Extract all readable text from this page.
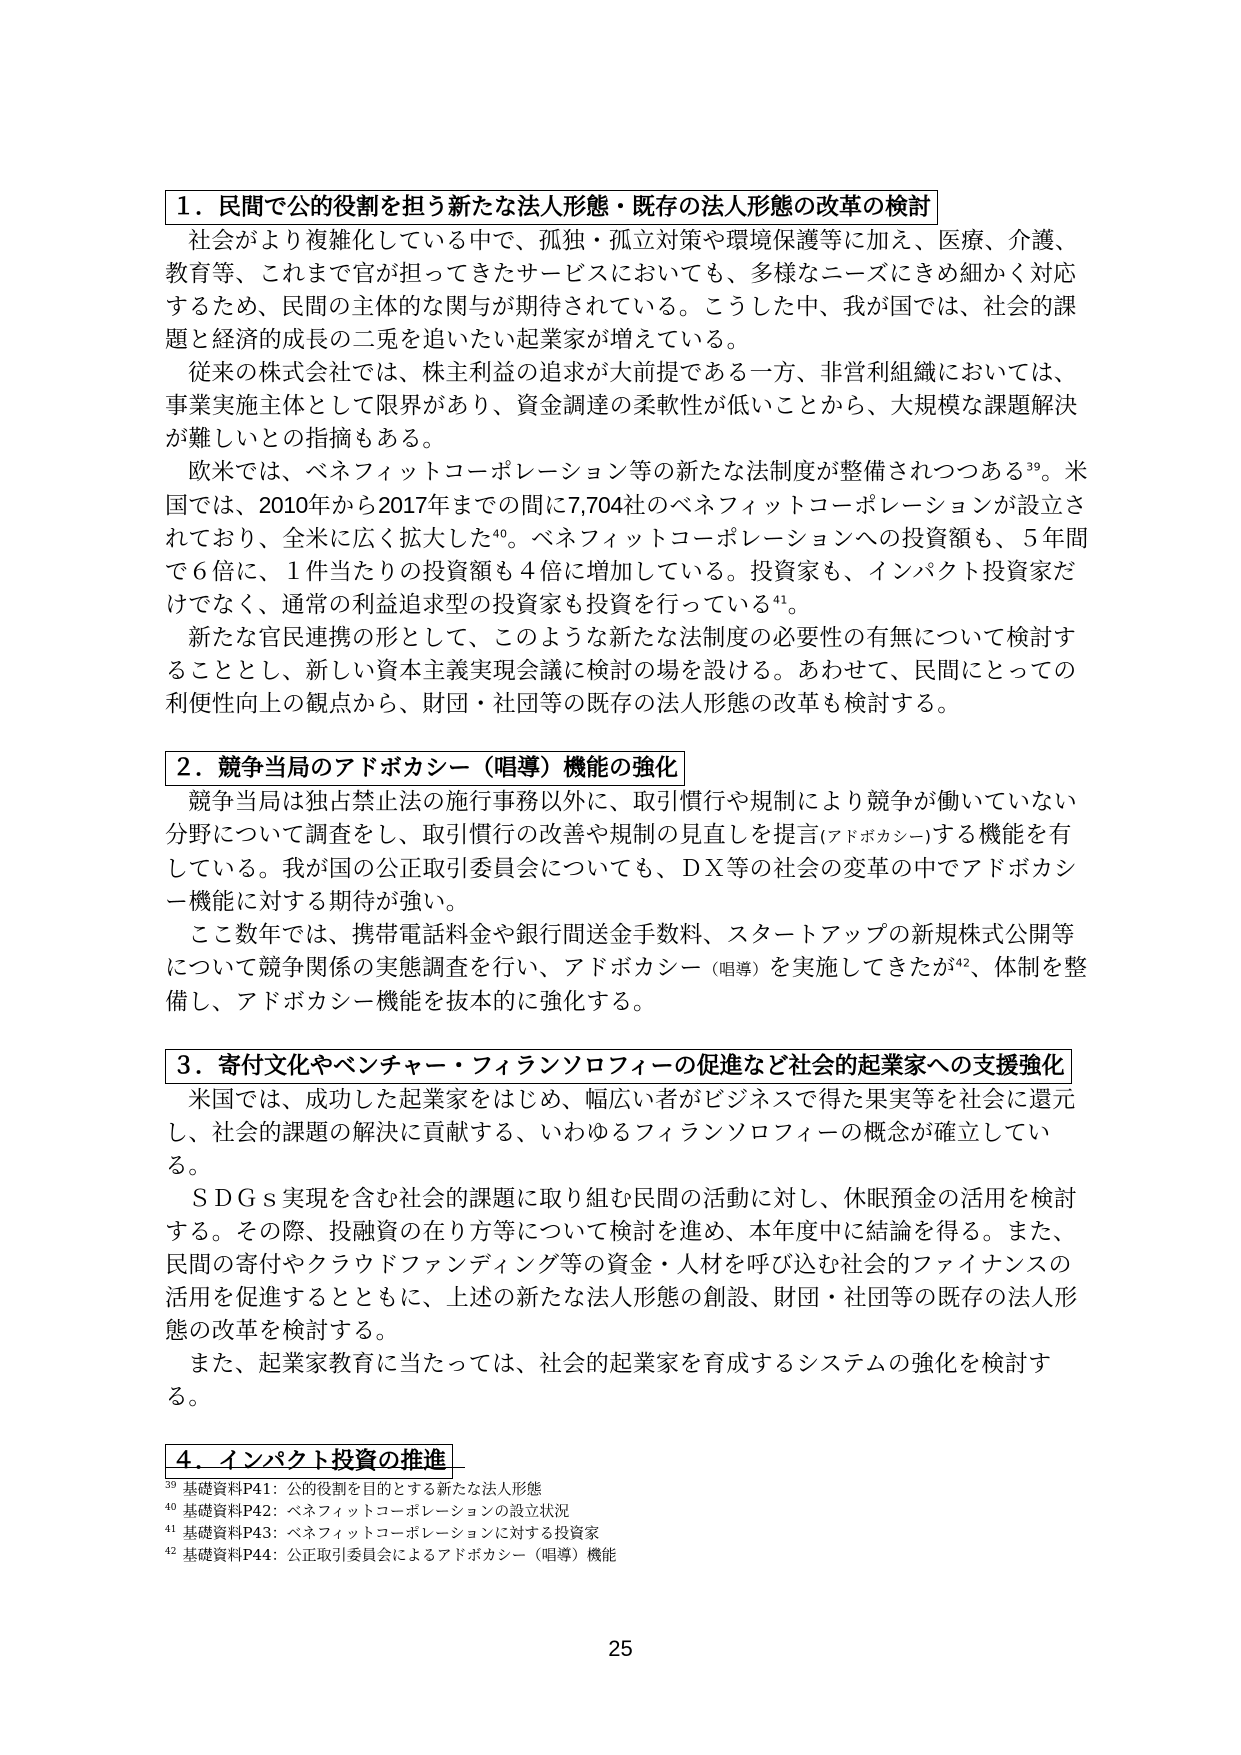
１．民間で公的役割を担う新たな法人形態・既存の法人形態の改革の検討

社会がより複雑化している中で、孤独・孤立対策や環境保護等に加え、医療、介護、教育等、これまで官が担ってきたサービスにおいても、多様なニーズにきめ細かく対応するため、民間の主体的な関与が期待されている。こうした中、我が国では、社会的課題と経済的成長の二兎を追いたい起業家が増えている。

従来の株式会社では、株主利益の追求が大前提である一方、非営利組織においては、事業実施主体として限界があり、資金調達の柔軟性が低いことから、大規模な課題解決が難しいとの指摘もある。

欧米では、ベネフィットコーポレーション等の新たな法制度が整備されつつある$^{39}$。米国では、2010年から2017年までの間に7,704社のベネフィットコーポレーションが設立されており、全米に広く拡大した$^{40}$。ベネフィットコーポレーションへの投資額も、５年間で６倍に、１件当たりの投資額も４倍に増加している。投資家も、インパクト投資家だけでなく、通常の利益追求型の投資家も投資を行っている$^{41}$。

新たな官民連携の形として、このような新たな法制度の必要性の有無について検討することとし、新しい資本主義実現会議に検討の場を設ける。あわせて、民間にとっての利便性向上の観点から、財団・社団等の既存の法人形態の改革も検討する。

２．競争当局のアドボカシー（唱導）機能の強化

競争当局は独占禁止法の施行事務以外に、取引慣行や規制により競争が働いていない分野について調査をし、取引慣行の改善や規制の見直しを提言(アドボカシー)する機能を有している。我が国の公正取引委員会についても、ＤＸ等の社会の変革の中でアドボカシー機能に対する期待が強い。

ここ数年では、携帯電話料金や銀行間送金手数料、スタートアップの新規株式公開等について競争関係の実態調査を行い、アドボカシー（唱導）を実施してきたが$^{42}$、体制を整備し、アドボカシー機能を抜本的に強化する。

３．寄付文化やベンチャー・フィランソロフィーの促進など社会的起業家への支援強化

米国では、成功した起業家をはじめ、幅広い者がビジネスで得た果実等を社会に還元し、社会的課題の解決に貢献する、いわゆるフィランソロフィーの概念が確立している。

ＳＤＧｓ実現を含む社会的課題に取り組む民間の活動に対し、休眠預金の活用を検討する。その際、投融資の在り方等について検討を進め、本年度中に結論を得る。また、民間の寄付やクラウドファンディング等の資金・人材を呼び込む社会的ファイナンスの活用を促進するとともに、上述の新たな法人形態の創設、財団・社団等の既存の法人形態の改革を検討する。

また、起業家教育に当たっては、社会的起業家を育成するシステムの強化を検討する。

４．インパクト投資の推進

$^{39}$ 基礎資料P41：公的役割を目的とする新たな法人形態

$^{40}$ 基礎資料P42：ベネフィットコーポレーションの設立状況

$^{41}$ 基礎資料P43：ベネフィットコーポレーションに対する投資家

$^{42}$ 基礎資料P44：公正取引委員会によるアドボカシー（唱導）機能

25
